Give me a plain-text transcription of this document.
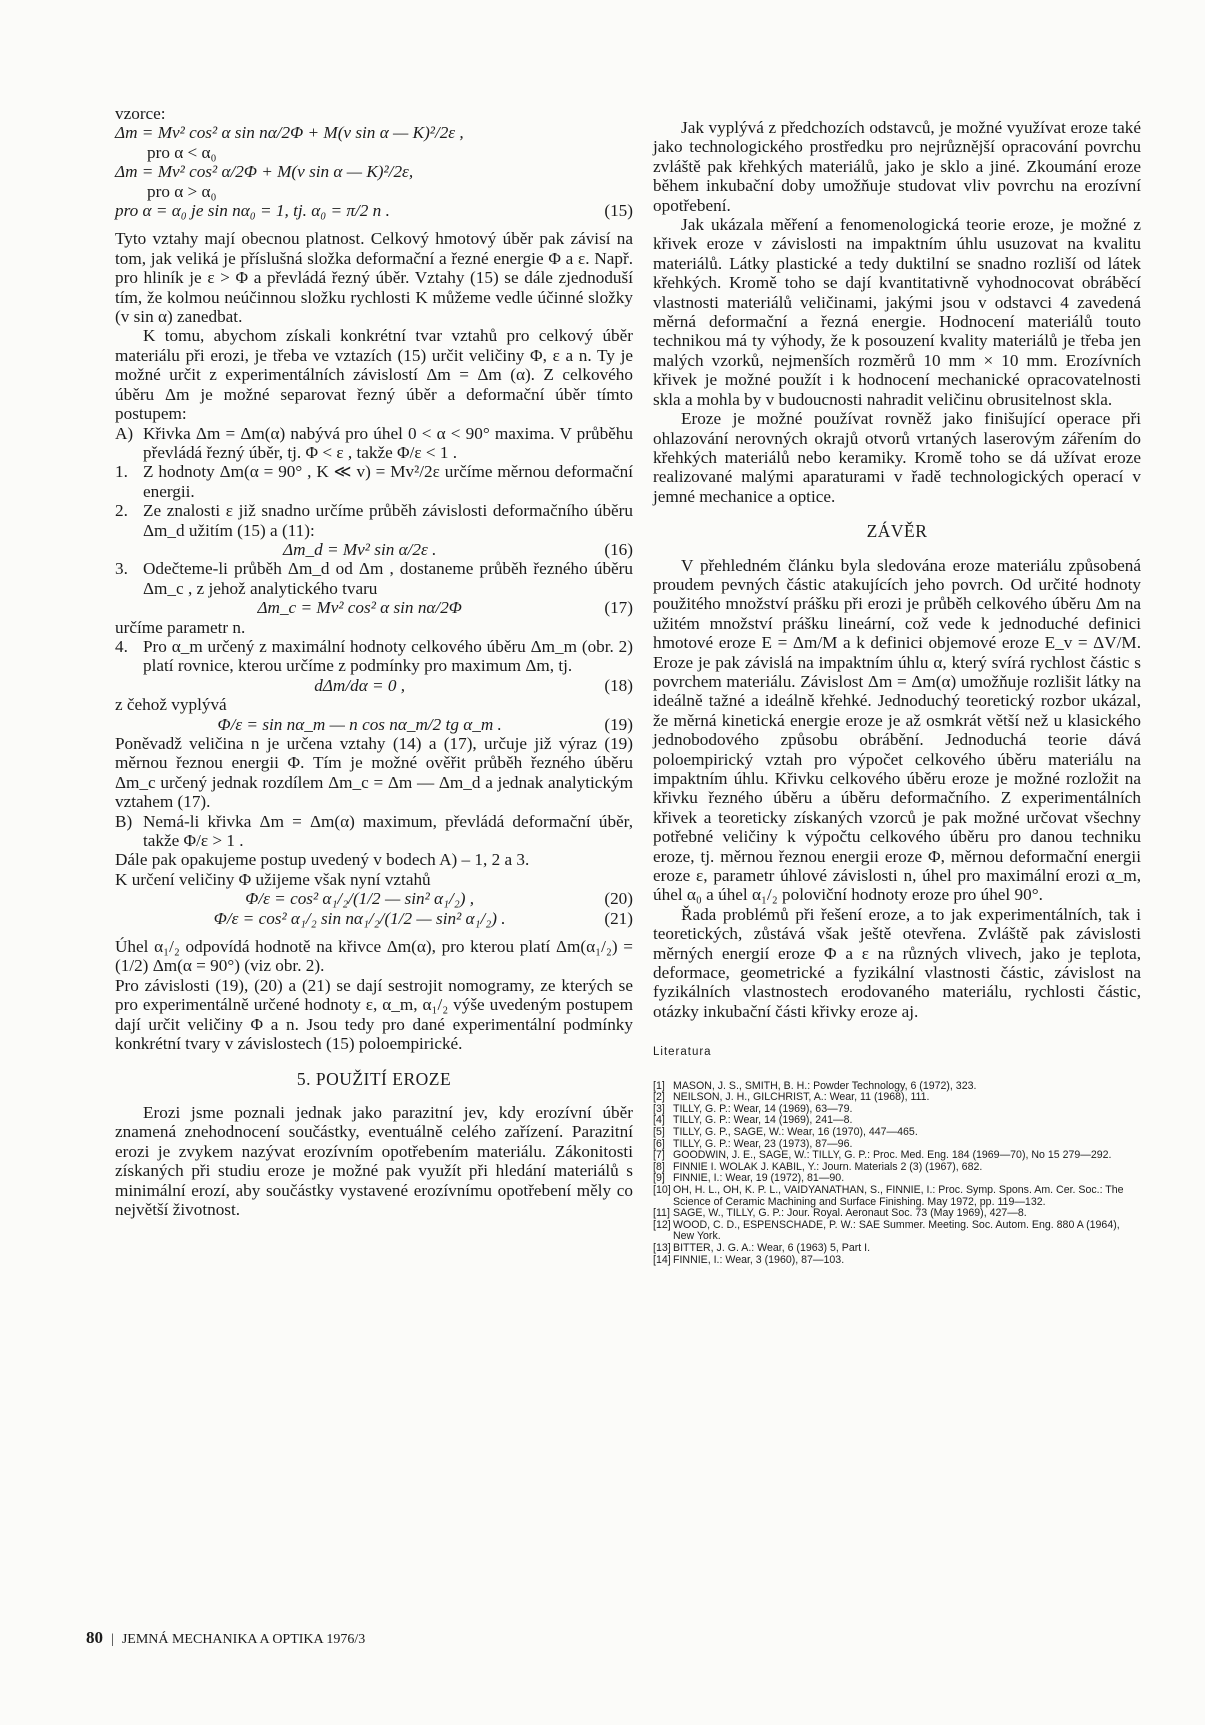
vzorce:

Δm = Mv² cos² α sin nα/2Φ + M(v sin α — K)²/2ε ,

pro α < α₀

Δm = Mv² cos² α/2Φ + M(v sin α — K)²/2ε,

pro α > α₀

pro α = α₀ je sin nα₀ = 1, tj. α₀ = π/2 n .	(15)

Tyto vztahy mají obecnou platnost. Celkový hmotový úběr pak závisí na tom, jak veliká je příslušná složka deformační a řezné energie Φ a ε. Např. pro hliník je ε > Φ a převládá řezný úběr. Vztahy (15) se dále zjednoduší tím, že kolmou neúčinnou složku rychlosti K můžeme vedle účinné složky (v sin α) zanedbat.

K tomu, abychom získali konkrétní tvar vztahů pro celkový úběr materiálu při erozi, je třeba ve vztazích (15) určit veličiny Φ, ε a n. Ty je možné určit z experimentálních závislostí Δm = Δm (α). Z celkového úběru Δm je možné separovat řezný úběr a deformační úběr tímto postupem:

A) Křivka Δm = Δm(α) nabývá pro úhel 0 < α < 90° maxima. V průběhu převládá řezný úběr, tj. Φ < ε , takže Φ/ε < 1 .
1. Z hodnoty Δm(α = 90° , K ≪ v) = Mv²/2ε určíme měrnou deformační energii.
2. Ze znalosti ε již snadno určíme průběh závislosti deformačního úběru Δm_d užitím (15) a (11):

Δm_d = Mv² sin α/2ε .	(16)

3. Odečteme-li průběh Δm_d od Δm , dostaneme průběh řezného úběru Δm_c , z jehož analytického tvaru

Δm_c = Mv² cos² α sin nα/2Φ	(17)

určíme parametr n.

4. Pro α_m určený z maximální hodnoty celkového úběru Δm_m (obr. 2) platí rovnice, kterou určíme z podmínky pro maximum Δm, tj.

dΔm/dα = 0 ,	(18)

z čehož vyplývá

Φ/ε = sin nα_m — n cos nα_m/2 tg α_m .	(19)

Poněvadž veličina n je určena vztahy (14) a (17), určuje již výraz (19) měrnou řeznou energii Φ. Tím je možné ověřit průběh řezného úběru Δm_c určený jednak rozdílem Δm_c = Δm — Δm_d a jednak analytickým vztahem (17).

B) Nemá-li křivka Δm = Δm(α) maximum, převládá deformační úběr, takže Φ/ε > 1 .

Dále pak opakujeme postup uvedený v bodech A) – 1, 2 a 3.

K určení veličiny Φ užijeme však nyní vztahů

Φ/ε = cos² α₁/₂/(1/2 — sin² α₁/₂) ,	(20)

Φ/ε = cos² α₁/₂ sin nα₁/₂/(1/2 — sin² α₁/₂) .	(21)

Úhel α₁/₂ odpovídá hodnotě na křivce Δm(α), pro kterou platí Δm(α₁/₂) = (1/2) Δm(α = 90°) (viz obr. 2).

Pro závislosti (19), (20) a (21) se dají sestrojit nomogramy, ze kterých se pro experimentálně určené hodnoty ε, α_m, α₁/₂ výše uvedeným postupem dají určit veličiny Φ a n. Jsou tedy pro dané experimentální podmínky konkrétní tvary v závislostech (15) poloempirické.

5. POUŽITÍ EROZE

Erozi jsme poznali jednak jako parazitní jev, kdy erozívní úběr znamená znehodnocení součástky, eventuálně celého zařízení. Parazitní erozi je zvykem nazývat erozívním opotřebením materiálu. Zákonitosti získaných při studiu eroze je možné pak využít při hledání materiálů s minimální erozí, aby součástky vystavené erozívnímu opotřebení měly co největší životnost.

Jak vyplývá z předchozích odstavců, je možné využívat eroze také jako technologického prostředku pro nejrůznější opracování povrchu zvláště pak křehkých materiálů, jako je sklo a jiné. Zkoumání eroze během inkubační doby umožňuje studovat vliv povrchu na erozívní opotřebení.

Jak ukázala měření a fenomenologická teorie eroze, je možné z křivek eroze v závislosti na impaktním úhlu usuzovat na kvalitu materiálů. Látky plastické a tedy duktilní se snadno rozliší od látek křehkých. Kromě toho se dají kvantitativně vyhodnocovat obráběcí vlastnosti materiálů veličinami, jakými jsou v odstavci 4 zavedená měrná deformační a řezná energie. Hodnocení materiálů touto technikou má ty výhody, že k posouzení kvality materiálů je třeba jen malých vzorků, nejmenších rozměrů 10 mm × 10 mm. Erozívních křivek je možné použít i k hodnocení mechanické opracovatelnosti skla a mohla by v budoucnosti nahradit veličinu obrusitelnost skla.

Eroze je možné používat rovněž jako finišující operace při ohlazování nerovných okrajů otvorů vrtaných laserovým zářením do křehkých materiálů nebo keramiky. Kromě toho se dá užívat eroze realizované malými aparaturami v řadě technologických operací v jemné mechanice a optice.

ZÁVĚR

V přehledném článku byla sledována eroze materiálu způsobená proudem pevných částic atakujících jeho povrch. Od určité hodnoty použitého množství prášku při erozi je průběh celkového úběru Δm na užitém množství prášku lineární, což vede k jednoduché definici hmotové eroze E = Δm/M a k definici objemové eroze E_v = ΔV/M. Eroze je pak závislá na impaktním úhlu α, který svírá rychlost částic s povrchem materiálu. Závislost Δm = Δm(α) umožňuje rozlišit látky na ideálně tažné a ideálně křehké. Jednoduchý teoretický rozbor ukázal, že měrná kinetická energie eroze je až osmkrát větší než u klasického jednobodového způsobu obrábění. Jednoduchá teorie dává poloempirický vztah pro výpočet celkového úběru materiálu na impaktním úhlu. Křivku celkového úběru eroze je možné rozložit na křivku řezného úběru a úběru deformačního. Z experimentálních křivek a teoreticky získaných vzorců je pak možné určovat všechny potřebné veličiny k výpočtu celkového úběru pro danou techniku eroze, tj. měrnou řeznou energii eroze Φ, měrnou deformační energii eroze ε, parametr úhlové závislosti n, úhel pro maximální erozi α_m, úhel α₀ a úhel α₁/₂ poloviční hodnoty eroze pro úhel 90°.

Řada problémů při řešení eroze, a to jak experimentálních, tak i teoretických, zůstává však ještě otevřena. Zvláště pak závislosti měrných energií eroze Φ a ε na různých vlivech, jako je teplota, deformace, geometrické a fyzikální vlastnosti částic, závislost na fyzikálních vlastnostech erodovaného materiálu, rychlosti částic, otázky inkubační části křivky eroze aj.

Literatura
[1] MASON, J. S., SMITH, B. H.: Powder Technology, 6 (1972), 323.
[2] NEILSON, J. H., GILCHRIST, A.: Wear, 11 (1968), 111.
[3] TILLY, G. P.: Wear, 14 (1969), 63—79.
[4] TILLY, G. P.: Wear, 14 (1969), 241—8.
[5] TILLY, G. P., SAGE, W.: Wear, 16 (1970), 447—465.
[6] TILLY, G. P.: Wear, 23 (1973), 87—96.
[7] GOODWIN, J. E., SAGE, W.: TILLY, G. P.: Proc. Med. Eng. 184 (1969—70), No 15 279—292.
[8] FINNIE I. WOLAK J. KABIL, Y.: Journ. Materials 2 (3) (1967), 682.
[9] FINNIE, I.: Wear, 19 (1972), 81—90.
[10] OH, H. L., OH, K. P. L., VAIDYANATHAN, S., FINNIE, I.: Proc. Symp. Spons. Am. Cer. Soc.: The Science of Ceramic Machining and Surface Finishing. May 1972, pp. 119—132.
[11] SAGE, W., TILLY, G. P.: Jour. Royal. Aeronaut Soc. 73 (May 1969), 427—8.
[12] WOOD, C. D., ESPENSCHADE, P. W.: SAE Summer. Meeting. Soc. Autom. Eng. 880 A (1964), New York.
[13] BITTER, J. G. A.: Wear, 6 (1963) 5, Part I.
[14] FINNIE, I.: Wear, 3 (1960), 87—103.
80 | JEMNÁ MECHANIKA A OPTIKA 1976/3
